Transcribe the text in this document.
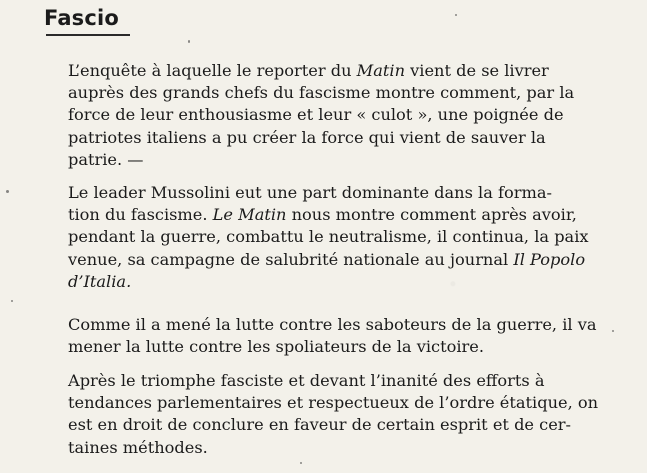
Fascio
L’enquête à laquelle le reporter du Matin vient de se livrer
auprès des grands chefs du fascisme montre comment, par la
force de leur enthousiasme et leur « culot », une poignée de
patriotes italiens a pu créer la force qui vient de sauver la
patrie. —
Le leader Mussolini eut une part dominante dans la forma-
tion du fascisme. Le Matin nous montre comment après avoir,
pendant la guerre, combattu le neutralisme, il continua, la paix
venue, sa campagne de salubrité nationale au journal Il Popolo
d’Italia.
Comme il a mené la lutte contre les saboteurs de la guerre, il va
mener la lutte contre les spoliateurs de la victoire.
Après le triomphe fasciste et devant l’inanité des efforts à
tendances parlementaires et respectueux de l’ordre étatique, on
est en droit de conclure en faveur de certain esprit et de cer-
taines méthodes.
